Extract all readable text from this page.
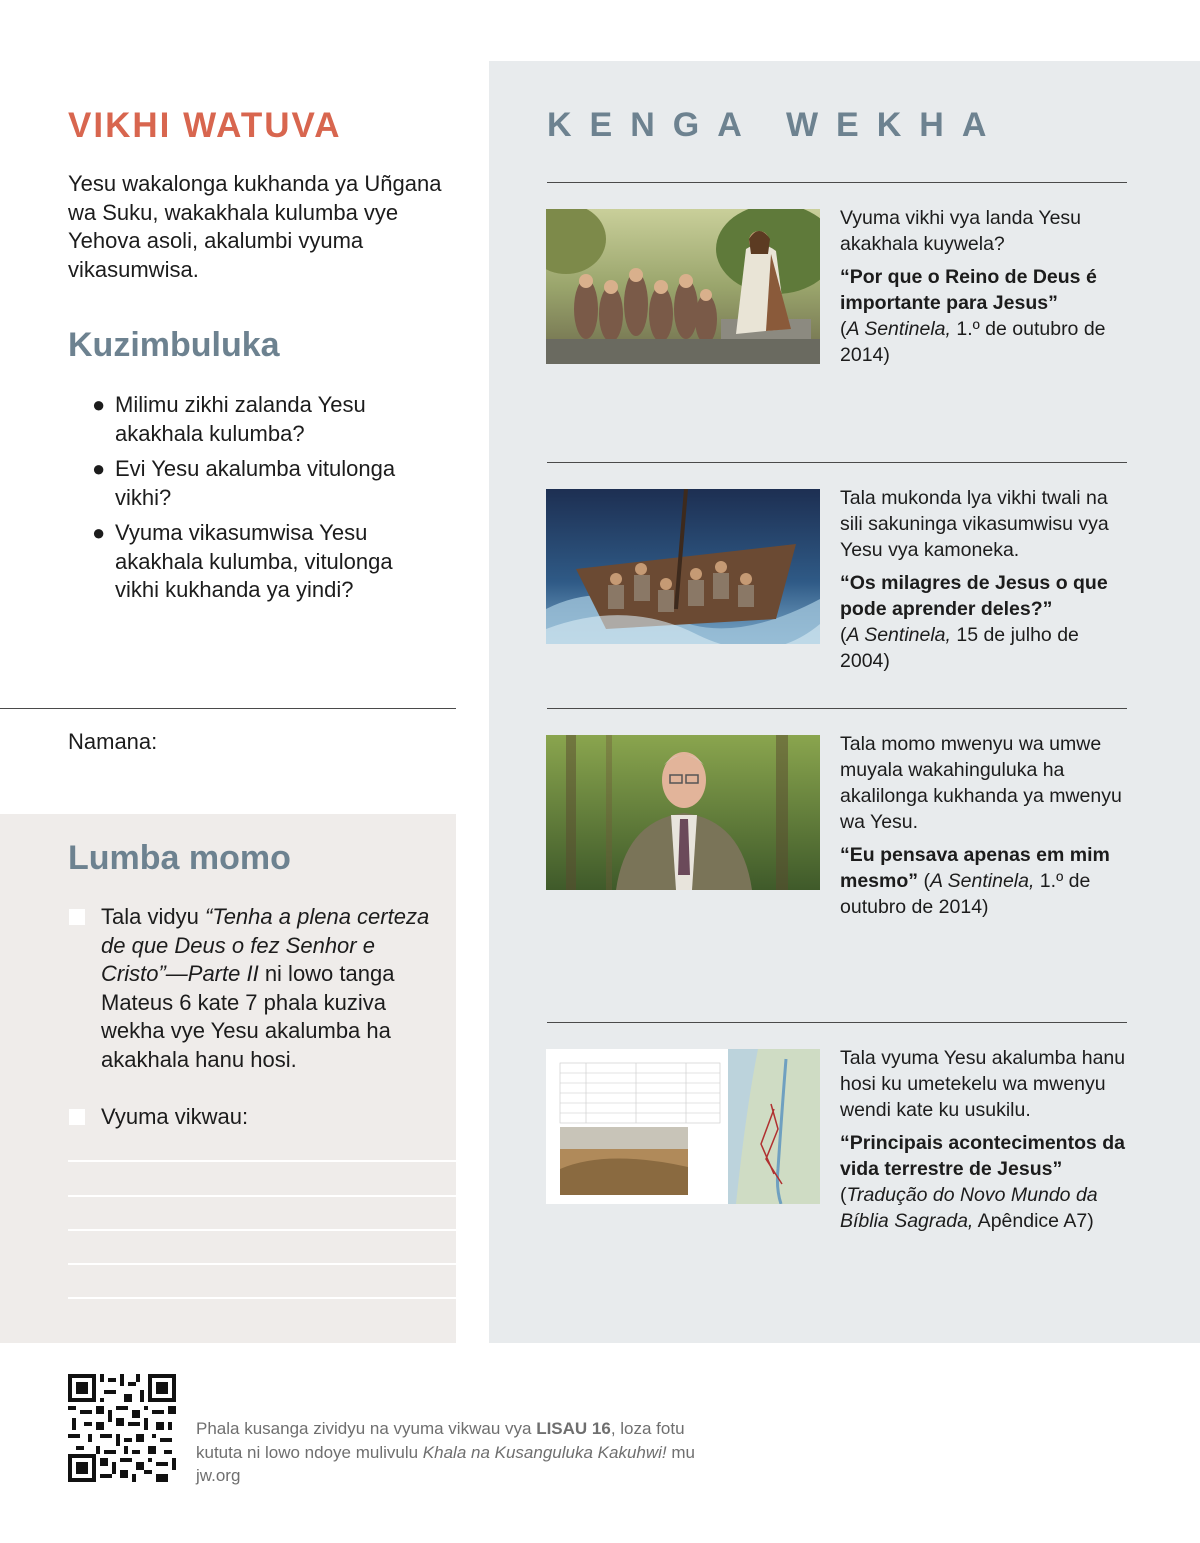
VIKHI WATUVA

Yesu wakalonga kukhanda ya Uñgana wa Suku, wakakhala kulumba vye Yehova asoli, akalumbi vyuma vikasumwisa.

Kuzimbuluka
● Milimu zikhi zalanda Yesu akakhala kulumba?
● Evi Yesu akalumba vitulonga vikhi?
● Vyuma vikasumwisa Yesu akakhala kulumba, vitulonga vikhi kukhanda ya yindi?
Namana:
Lumba momo
Tala vidyu “Tenha a plena certeza de que Deus o fez Senhor e Cristo”—Parte II ni lowo tanga Mateus 6 kate 7 phala kuziva wekha vye Yesu akalumba ha akakhala hanu hosi.
Vyuma vikwau:
KENGA WEKHA
Vyuma vikhi vya landa Yesu akakhala kuywela?
“Por que o Reino de Deus é importante para Jesus”
(A Sentinela, 1.º de outubro de 2014)
Tala mukonda lya vikhi twali na sili sakuninga vikasumwisu vya Yesu vya kamoneka.
“Os milagres de Jesus o que pode aprender deles?”
(A Sentinela, 15 de julho de 2004)
Tala momo mwenyu wa umwe muyala wakahinguluka ha akalilonga kukhanda ya mwenyu wa Yesu.
“Eu pensava apenas em mim mesmo” (A Sentinela, 1.º de outubro de 2014)
Tala vyuma Yesu akalumba hanu hosi ku umetekelu wa mwenyu wendi kate ku usukilu.
“Principais acontecimentos da vida terrestre de Jesus”
(Tradução do Novo Mundo da Bíblia Sagrada, Apêndice A7)

Phala kusanga zividyu na vyuma vikwau vya LISAU 16, loza fotu kututa ni lowo ndoye mulivulu Khala na Kusanguluka Kakuhwi! mu jw.org
